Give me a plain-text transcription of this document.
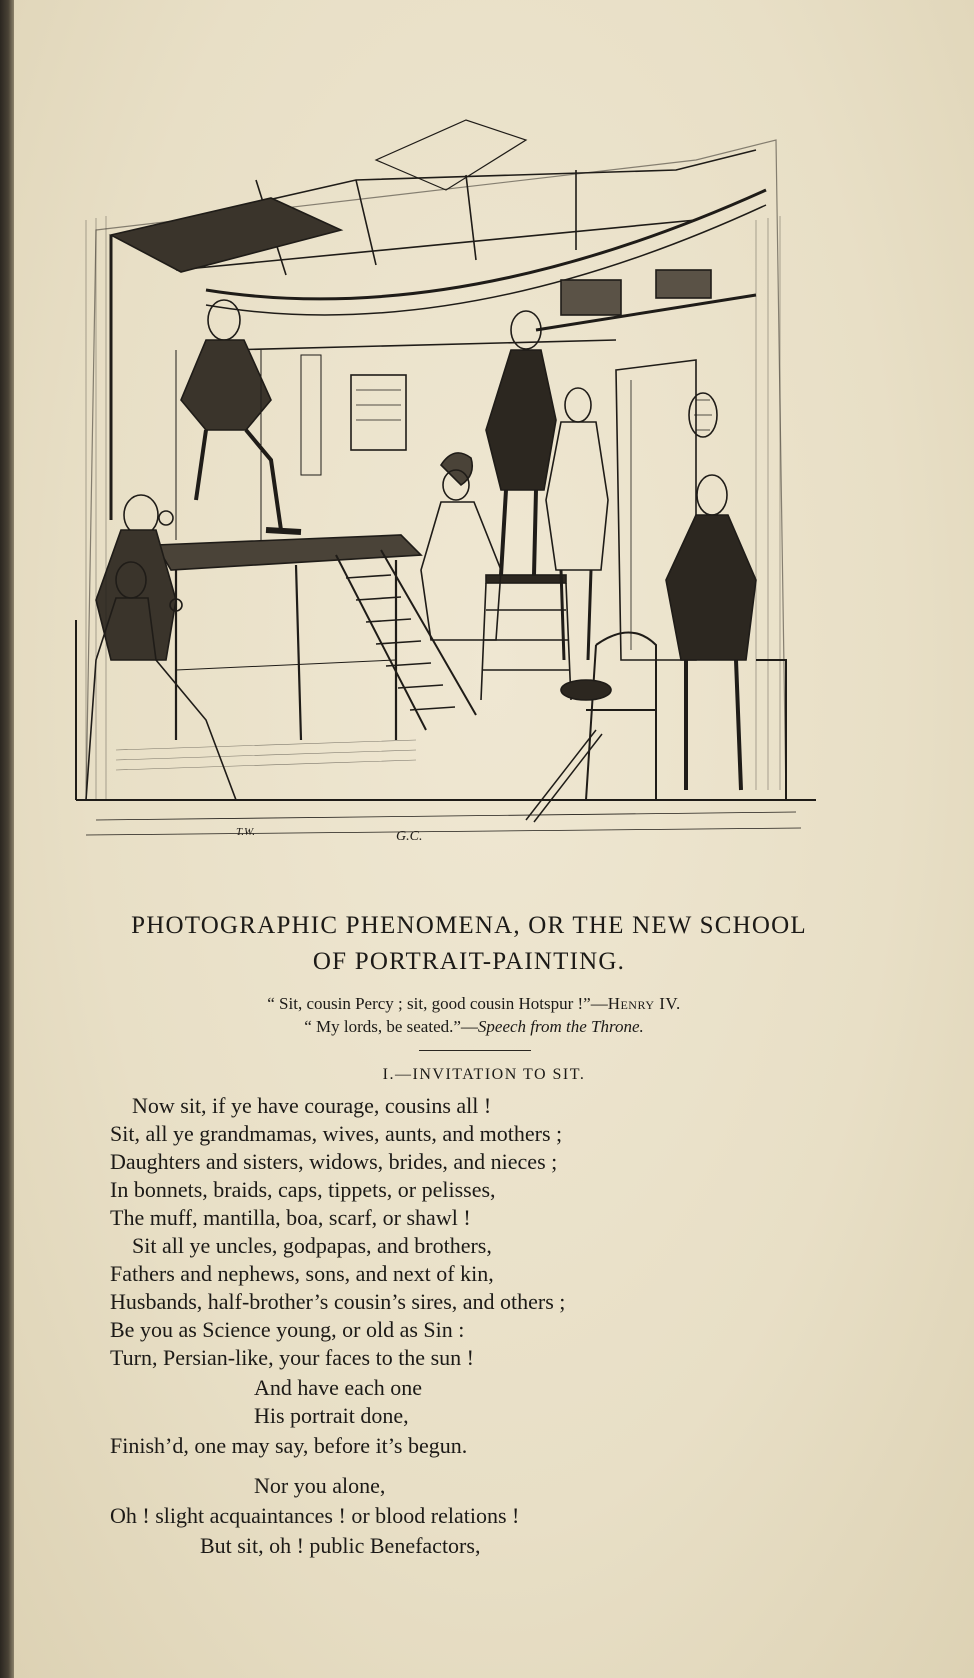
T.W.	G.C.
PHOTOGRAPHIC PHENOMENA, OR THE NEW SCHOOL
OF PORTRAIT-PAINTING.
“ Sit, cousin Percy ; sit, good cousin Hotspur !”—Henry IV.
“ My lords, be seated.”—Speech from the Throne.
I.—INVITATION TO SIT.
Now sit, if ye have courage, cousins all !
Sit, all ye grandmamas, wives, aunts, and mothers ;
Daughters and sisters, widows, brides, and nieces ;
In bonnets, braids, caps, tippets, or pelisses,
The muff, mantilla, boa, scarf, or shawl !
Sit all ye uncles, godpapas, and brothers,
Fathers and nephews, sons, and next of kin,
Husbands, half-brother’s cousin’s sires, and others ;
Be you as Science young, or old as Sin :
Turn, Persian-like, your faces to the sun !
And have each one
His portrait done,
Finish’d, one may say, before it’s begun.
Nor you alone,
Oh ! slight acquaintances ! or blood relations !
But sit, oh ! public Benefactors,
